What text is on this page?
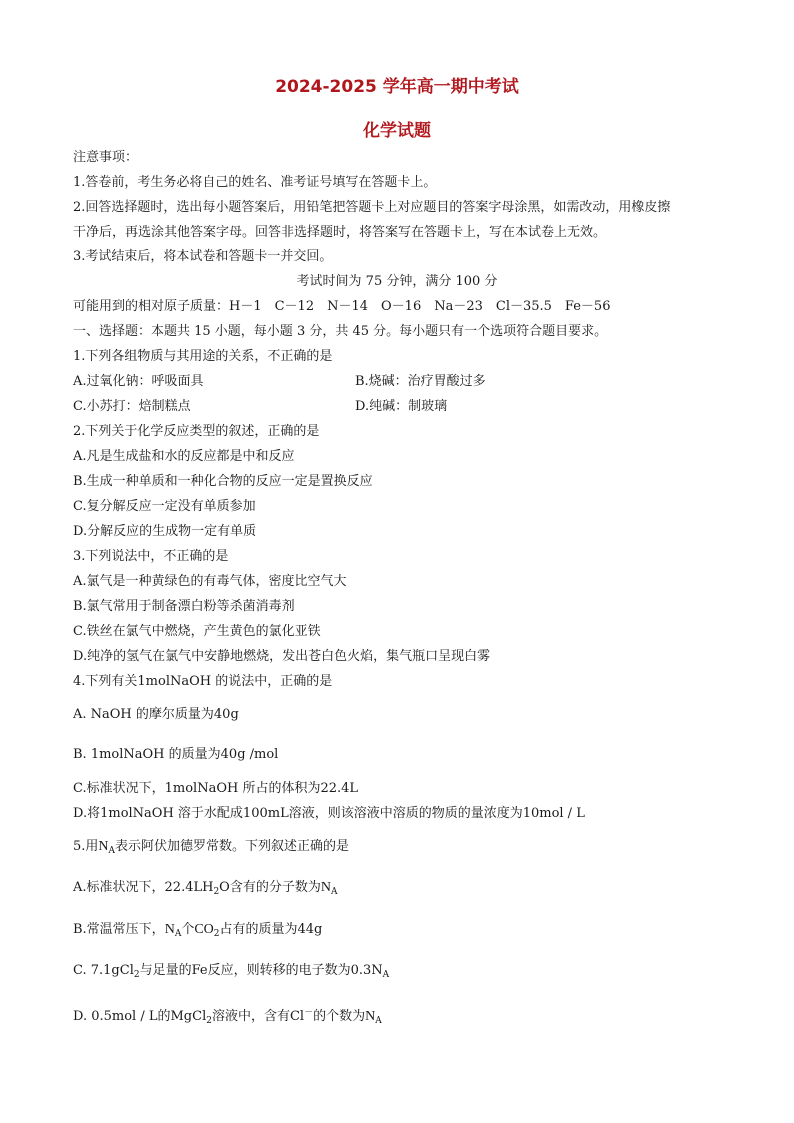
2024-2025 学年高一期中考试
化学试题
注意事项：
1.答卷前，考生务必将自己的姓名、准考证号填写在答题卡上。
2.回答选择题时，选出每小题答案后，用铅笔把答题卡上对应题目的答案字母涂黑，如需改动，用橡皮擦
干净后，再选涂其他答案字母。回答非选择题时，将答案写在答题卡上，写在本试卷上无效。
3.考试结束后，将本试卷和答题卡一并交回。
考试时间为 75 分钟，满分 100 分
可能用到的相对原子质量：H－1　C－12　N－14　O－16　Na－23　Cl－35.5　Fe－56
一、选择题：本题共 15 小题，每小题 3 分，共 45 分。每小题只有一个选项符合题目要求。
1.下列各组物质与其用途的关系，不正确的是
A.过氧化钠：呼吸面具	B.烧碱：治疗胃酸过多
C.小苏打：焙制糕点	D.纯碱：制玻璃
2.下列关于化学反应类型的叙述，正确的是
A.凡是生成盐和水的反应都是中和反应
B.生成一种单质和一种化合物的反应一定是置换反应
C.复分解反应一定没有单质参加
D.分解反应的生成物一定有单质
3.下列说法中，不正确的是
A.氯气是一种黄绿色的有毒气体，密度比空气大
B.氯气常用于制备漂白粉等杀菌消毒剂
C.铁丝在氯气中燃烧，产生黄色的氯化亚铁
D.纯净的氢气在氯气中安静地燃烧，发出苍白色火焰，集气瓶口呈现白雾
4.下列有关1molNaOH 的说法中，正确的是
A. NaOH 的摩尔质量为40g
B. 1molNaOH 的质量为40g /mol
C.标准状况下，1molNaOH 所占的体积为22.4L
D.将1molNaOH 溶于水配成100mL溶液，则该溶液中溶质的物质的量浓度为10mol / L
5.用$N_A$表示阿伏加德罗常数。下列叙述正确的是
A.标准状况下，$22.4LH_2O$含有的分子数为$N_A$
B.常温常压下，$N_A$个$CO_2$占有的质量为44g
C. 7.1gCl$_2$与足量的Fe反应，则转移的电子数为$0.3N_A$
D. 0.5mol / L的MgCl$_2$溶液中，含有Cl－的个数为$N_A$
